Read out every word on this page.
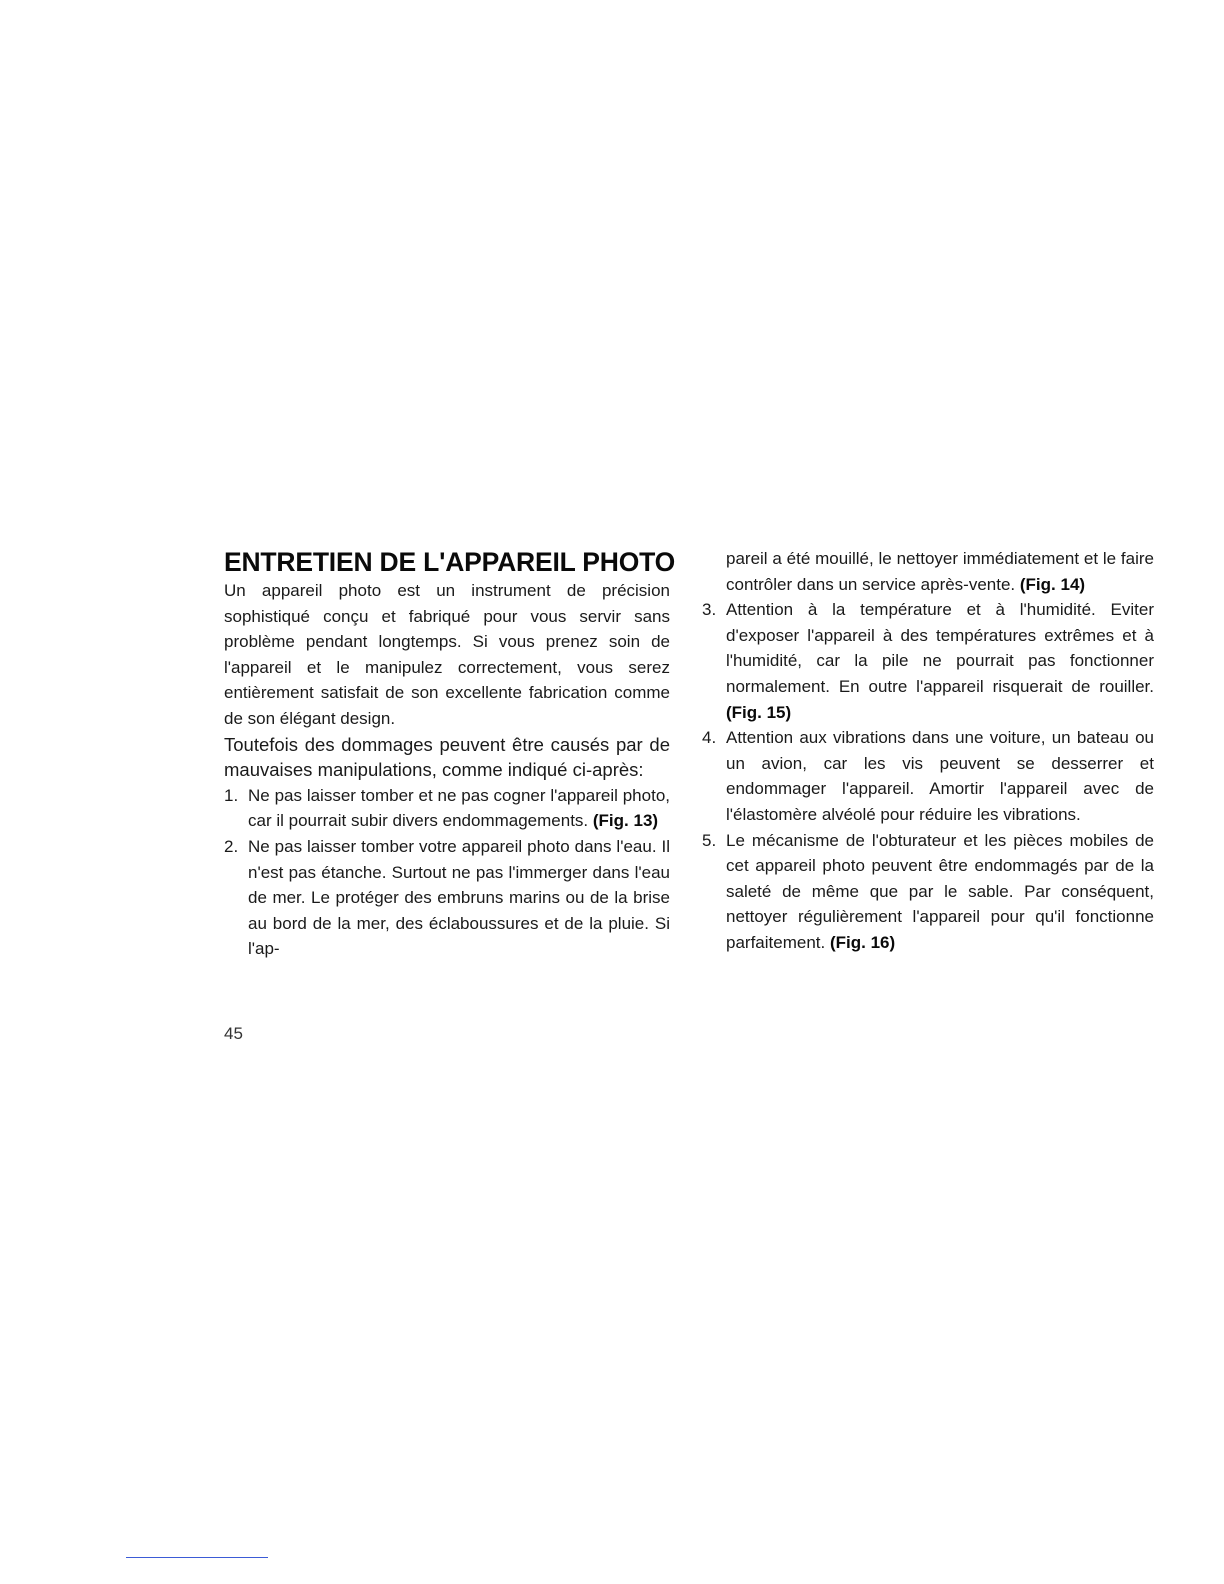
ENTRETIEN DE L'APPAREIL PHOTO

Un appareil photo est un instrument de précision sophistiqué conçu et fabriqué pour vous servir sans problème pendant longtemps. Si vous prenez soin de l'appareil et le manipulez correctement, vous serez entièrement satisfait de son excellente fabrication comme de son élégant design.

Toutefois des dommages peuvent être causés par de mauvaises manipulations, comme indiqué ci-après:

1. Ne pas laisser tomber et ne pas cogner l'appareil photo, car il pourrait subir divers endommagements. (Fig. 13)
2. Ne pas laisser tomber votre appareil photo dans l'eau. Il n'est pas étanche. Surtout ne pas l'immerger dans l'eau de mer. Le protéger des embruns marins ou de la brise au bord de la mer, des éclaboussures et de la pluie. Si l'ap-

pareil a été mouillé, le nettoyer immédiatement et le faire contrôler dans un service après-vente. (Fig. 14)

3. Attention à la température et à l'humidité. Eviter d'exposer l'appareil à des températures extrêmes et à l'humidité, car la pile ne pourrait pas fonctionner normalement. En outre l'appareil risquerait de rouiller. (Fig. 15)
4. Attention aux vibrations dans une voiture, un bateau ou un avion, car les vis peuvent se desserrer et endommager l'appareil. Amortir l'appareil avec de l'élastomère alvéolé pour réduire les vibrations.
5. Le mécanisme de l'obturateur et les pièces mobiles de cet appareil photo peuvent être endommagés par de la saleté de même que par le sable. Par conséquent, nettoyer régulièrement l'appareil pour qu'il fonctionne parfaitement. (Fig. 16)
45
